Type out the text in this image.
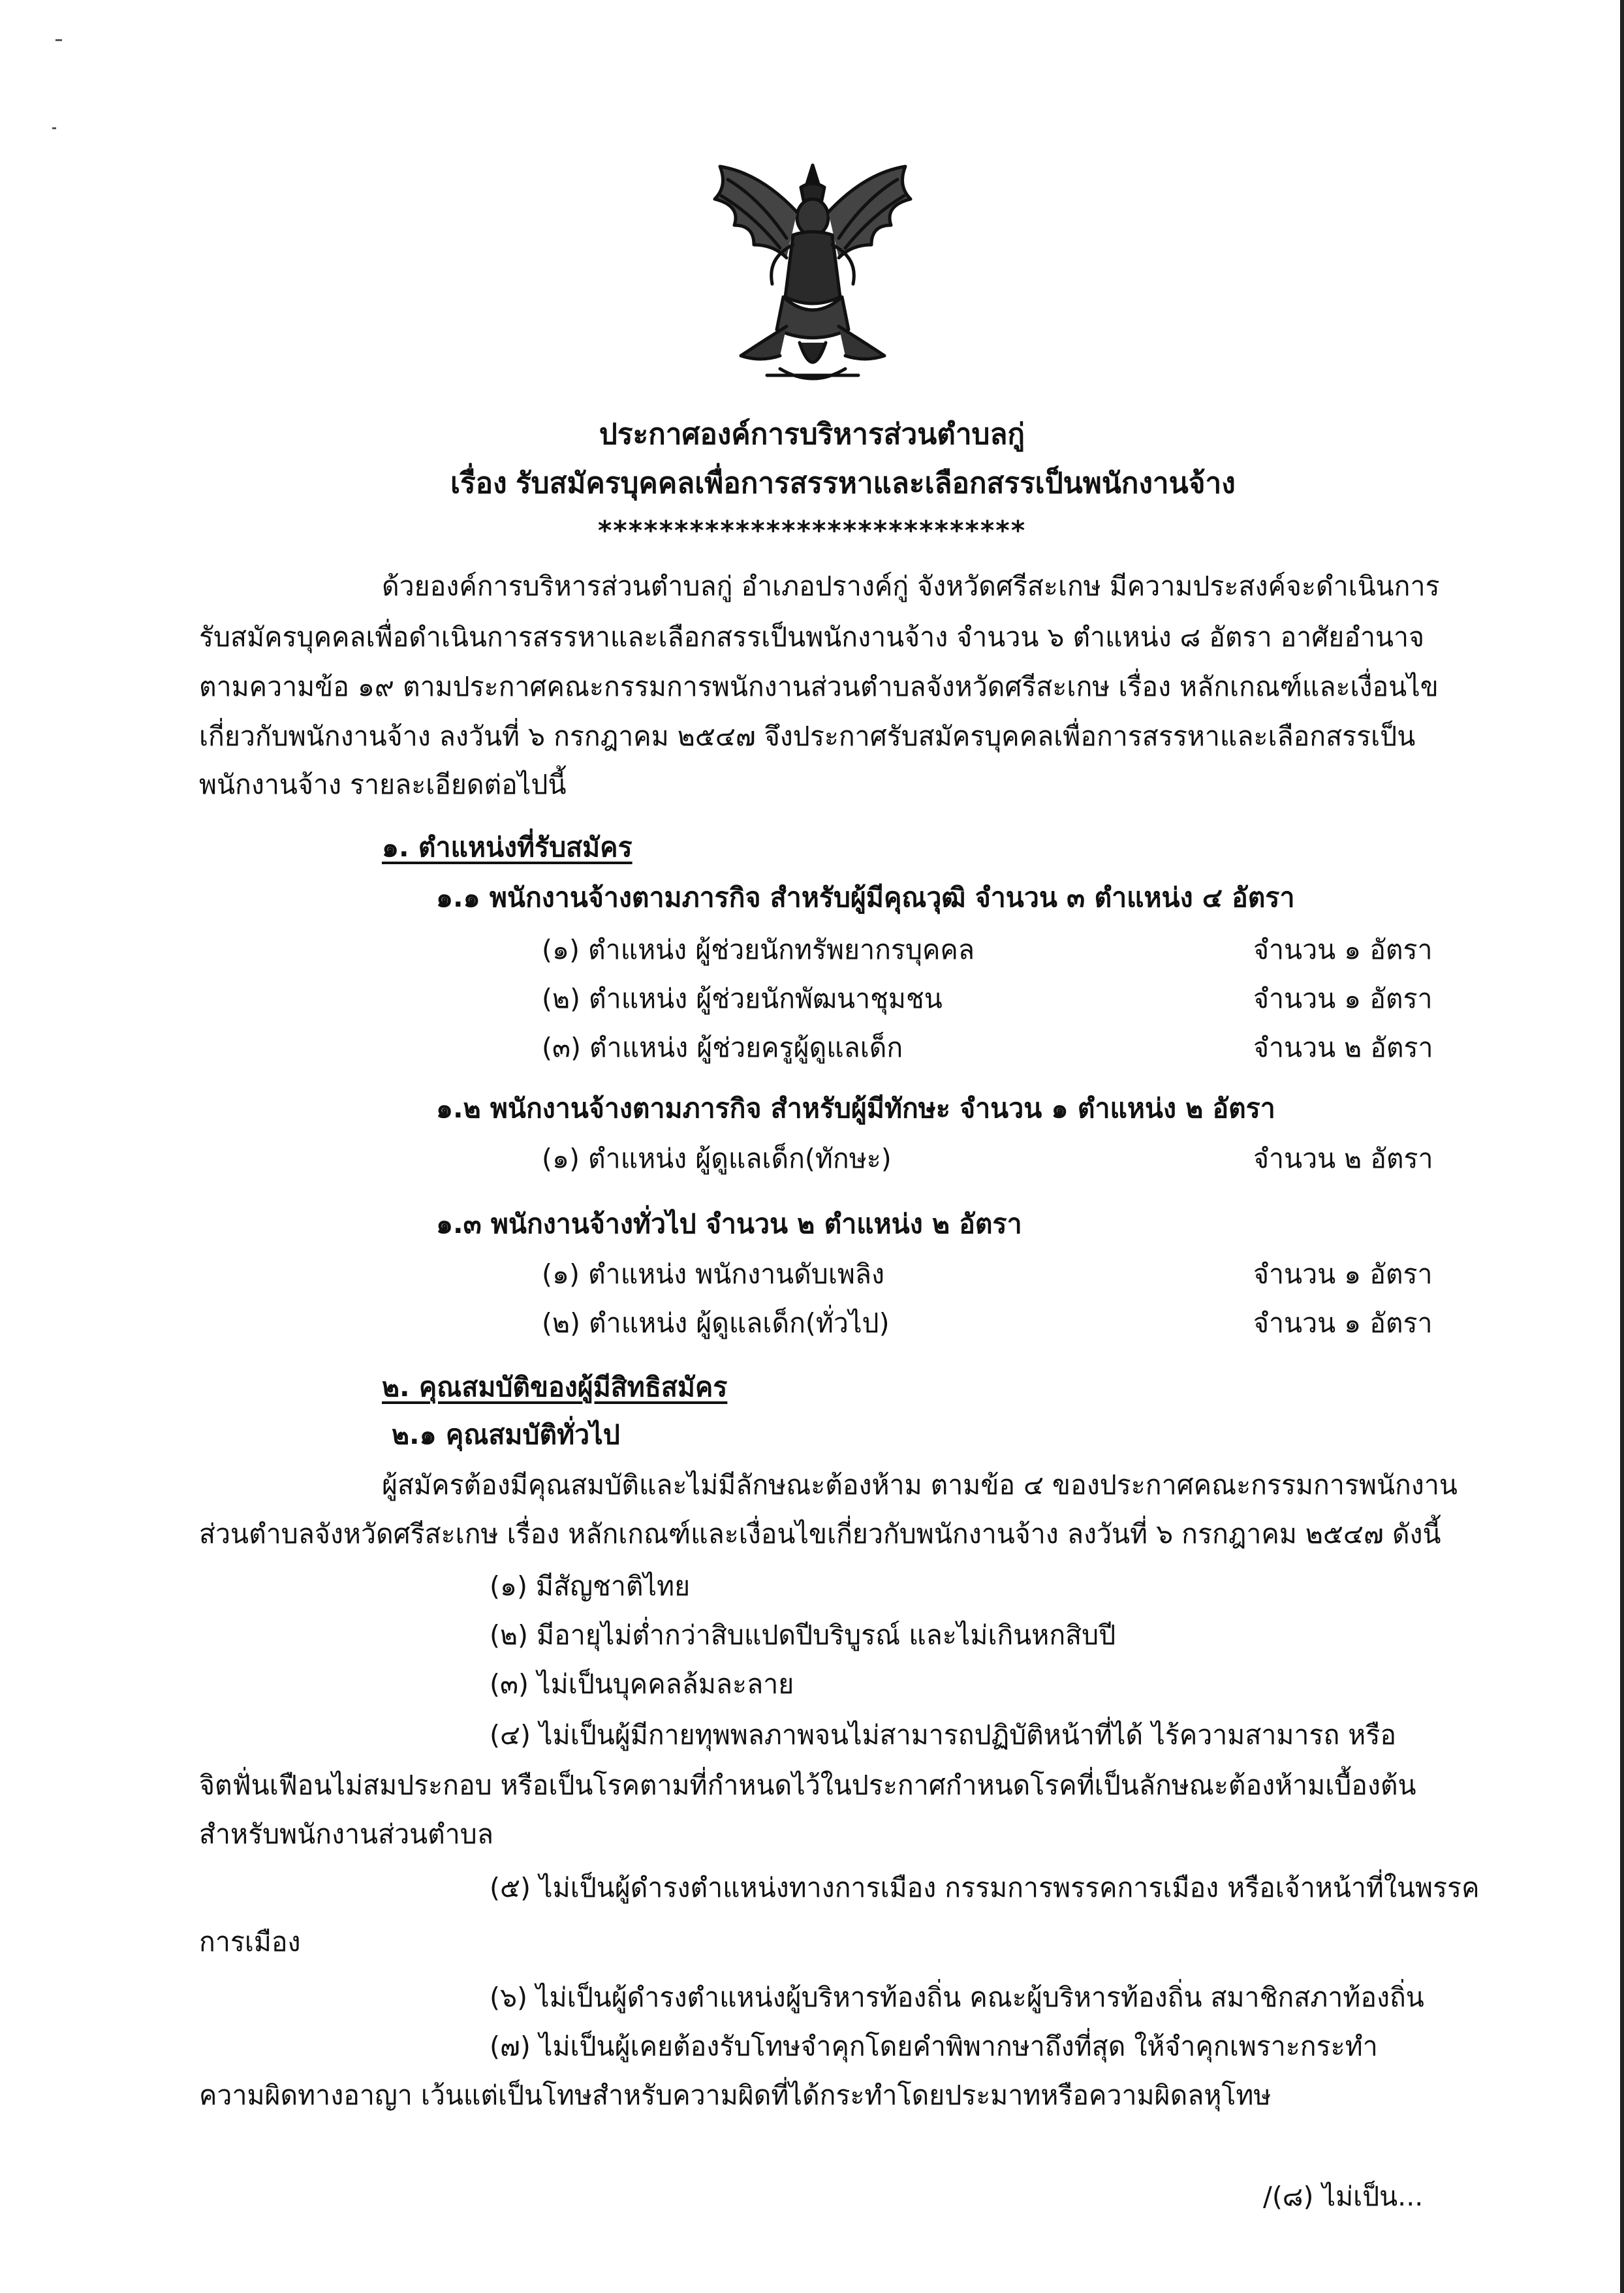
ประกาศองค์การบริหารส่วนตำบลกู่
เรื่อง รับสมัครบุคคลเพื่อการสรรหาและเลือกสรรเป็นพนักงานจ้าง
****************************
ด้วยองค์การบริหารส่วนตำบลกู่ อำเภอปรางค์กู่ จังหวัดศรีสะเกษ มีความประสงค์จะดำเนินการ
รับสมัครบุคคลเพื่อดำเนินการสรรหาและเลือกสรรเป็นพนักงานจ้าง จำนวน ๖ ตำแหน่ง ๘ อัตรา อาศัยอำนาจ
ตามความข้อ ๑๙ ตามประกาศคณะกรรมการพนักงานส่วนตำบลจังหวัดศรีสะเกษ เรื่อง หลักเกณฑ์และเงื่อนไข
เกี่ยวกับพนักงานจ้าง ลงวันที่ ๖ กรกฎาคม ๒๕๔๗ จึงประกาศรับสมัครบุคคลเพื่อการสรรหาและเลือกสรรเป็น
พนักงานจ้าง รายละเอียดต่อไปนี้
๑. ตำแหน่งที่รับสมัคร
๑.๑ พนักงานจ้างตามภารกิจ สำหรับผู้มีคุณวุฒิ จำนวน ๓ ตำแหน่ง ๔ อัตรา
(๑) ตำแหน่ง ผู้ช่วยนักทรัพยากรบุคคล	จำนวน ๑ อัตรา
(๒) ตำแหน่ง ผู้ช่วยนักพัฒนาชุมชน	จำนวน ๑ อัตรา
(๓) ตำแหน่ง ผู้ช่วยครูผู้ดูแลเด็ก	จำนวน ๒ อัตรา
๑.๒ พนักงานจ้างตามภารกิจ สำหรับผู้มีทักษะ จำนวน ๑ ตำแหน่ง ๒ อัตรา
(๑) ตำแหน่ง ผู้ดูแลเด็ก(ทักษะ)	จำนวน ๒ อัตรา
๑.๓ พนักงานจ้างทั่วไป จำนวน ๒ ตำแหน่ง ๒ อัตรา
(๑) ตำแหน่ง พนักงานดับเพลิง	จำนวน ๑ อัตรา
(๒) ตำแหน่ง ผู้ดูแลเด็ก(ทั่วไป)	จำนวน ๑ อัตรา
๒. คุณสมบัติของผู้มีสิทธิสมัคร
๒.๑ คุณสมบัติทั่วไป
ผู้สมัครต้องมีคุณสมบัติและไม่มีลักษณะต้องห้าม ตามข้อ ๔ ของประกาศคณะกรรมการพนักงาน
ส่วนตำบลจังหวัดศรีสะเกษ เรื่อง หลักเกณฑ์และเงื่อนไขเกี่ยวกับพนักงานจ้าง ลงวันที่ ๖ กรกฎาคม ๒๕๔๗ ดังนี้
(๑) มีสัญชาติไทย
(๒) มีอายุไม่ต่ำกว่าสิบแปดปีบริบูรณ์ และไม่เกินหกสิบปี
(๓) ไม่เป็นบุคคลล้มละลาย
(๔) ไม่เป็นผู้มีกายทุพพลภาพจนไม่สามารถปฏิบัติหน้าที่ได้ ไร้ความสามารถ หรือ
จิตฟั่นเฟือนไม่สมประกอบ หรือเป็นโรคตามที่กำหนดไว้ในประกาศกำหนดโรคที่เป็นลักษณะต้องห้ามเบื้องต้น
สำหรับพนักงานส่วนตำบล
(๕) ไม่เป็นผู้ดำรงตำแหน่งทางการเมือง กรรมการพรรคการเมือง หรือเจ้าหน้าที่ในพรรค
การเมือง
(๖) ไม่เป็นผู้ดำรงตำแหน่งผู้บริหารท้องถิ่น คณะผู้บริหารท้องถิ่น สมาชิกสภาท้องถิ่น
(๗) ไม่เป็นผู้เคยต้องรับโทษจำคุกโดยคำพิพากษาถึงที่สุด ให้จำคุกเพราะกระทำ
ความผิดทางอาญา เว้นแต่เป็นโทษสำหรับความผิดที่ได้กระทำโดยประมาทหรือความผิดลหุโทษ
/(๘) ไม่เป็น...
